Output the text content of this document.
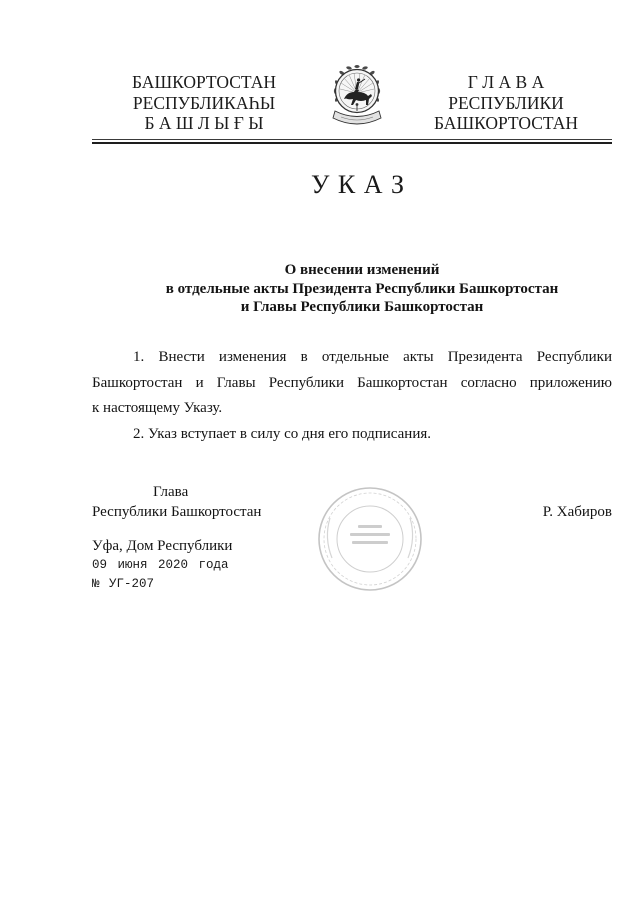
БАШКОРТОСТАН
РЕСПУБЛИКАҺЫ
Б А Ш Л Ы Ғ Ы
Г Л А В А
РЕСПУБЛИКИ
БАШКОРТОСТАН
У К А З
О внесении изменений
в отдельные акты Президента Республики Башкортостан
и Главы Республики Башкортостан
1. Внести изменения в отдельные акты Президента Республики
Башкортостан и Главы Республики Башкортостан согласно приложению
к настоящему Указу.
2. Указ вступает в силу со дня его подписания.
Глава
Республики Башкортостан	Р. Хабиров
Уфа, Дом Республики
09 июня 2020 года
№ УГ-207
